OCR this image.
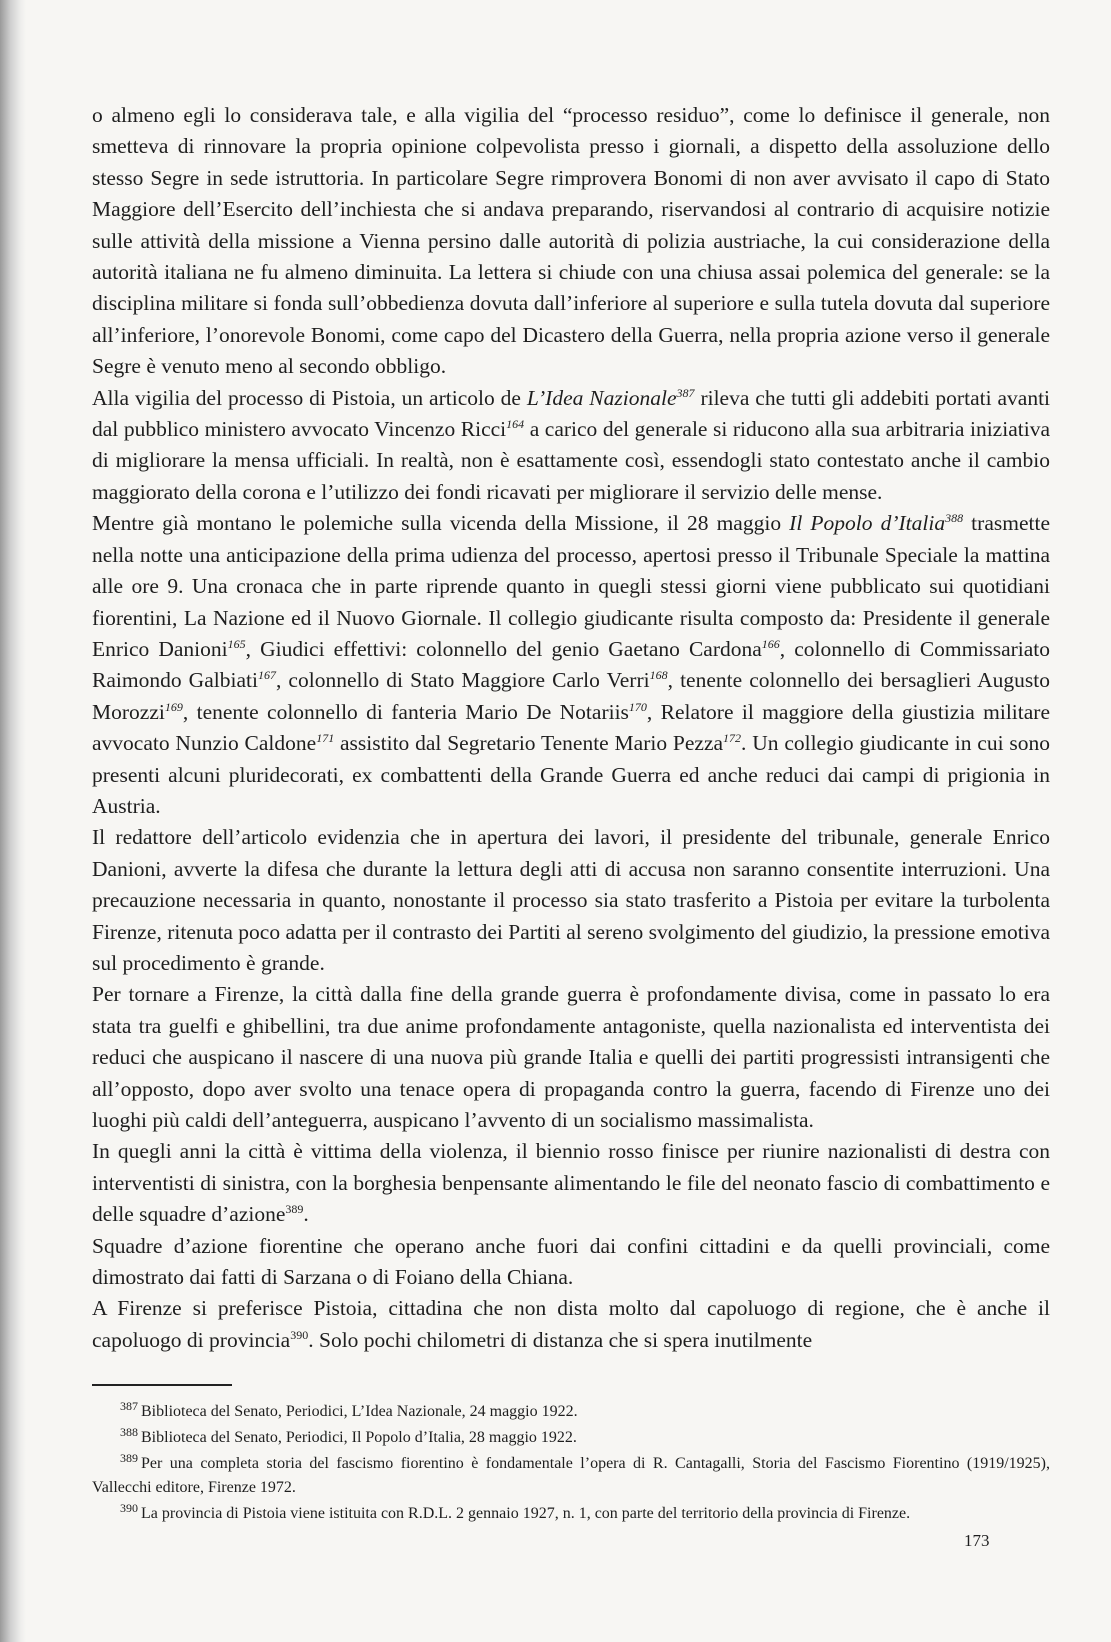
o almeno egli lo considerava tale, e alla vigilia del “processo residuo”, come lo definisce il generale, non smetteva di rinnovare la propria opinione colpevolista presso i giornali, a dispetto della assoluzione dello stesso Segre in sede istruttoria. In particolare Segre rimprovera Bonomi di non aver avvisato il capo di Stato Maggiore dell’Esercito dell’inchiesta che si andava preparando, riservandosi al contrario di acquisire notizie sulle attività della missione a Vienna persino dalle autorità di polizia austriache, la cui considerazione della autorità italiana ne fu almeno diminuita. La lettera si chiude con una chiusa assai polemica del generale: se la disciplina militare si fonda sull’obbedienza dovuta dall’inferiore al superiore e sulla tutela dovuta dal superiore all’inferiore, l’onorevole Bonomi, come capo del Dicastero della Guerra, nella propria azione verso il generale Segre è venuto meno al secondo obbligo.

Alla vigilia del processo di Pistoia, un articolo de L’Idea Nazionale$^{387}$ rileva che tutti gli addebiti portati avanti dal pubblico ministero avvocato Vincenzo Ricci$^{164}$ a carico del generale si riducono alla sua arbitraria iniziativa di migliorare la mensa ufficiali. In realtà, non è esattamente così, essendogli stato contestato anche il cambio maggiorato della corona e l’utilizzo dei fondi ricavati per migliorare il servizio delle mense.

Mentre già montano le polemiche sulla vicenda della Missione, il 28 maggio Il Popolo d’Italia$^{388}$ trasmette nella notte una anticipazione della prima udienza del processo, apertosi presso il Tribunale Speciale la mattina alle ore 9. Una cronaca che in parte riprende quanto in quegli stessi giorni viene pubblicato sui quotidiani fiorentini, La Nazione ed il Nuovo Giornale. Il collegio giudicante risulta composto da: Presidente il generale Enrico Danioni$^{165}$, Giudici effettivi: colonnello del genio Gaetano Cardona$^{166}$, colonnello di Commissariato Raimondo Galbiati$^{167}$, colonnello di Stato Maggiore Carlo Verri$^{168}$, tenente colonnello dei bersaglieri Augusto Morozzi$^{169}$, tenente colonnello di fanteria Mario De Notariis$^{170}$, Relatore il maggiore della giustizia militare avvocato Nunzio Caldone$^{171}$ assistito dal Segretario Tenente Mario Pezza$^{172}$. Un collegio giudicante in cui sono presenti alcuni pluridecorati, ex combattenti della Grande Guerra ed anche reduci dai campi di prigionia in Austria.

Il redattore dell’articolo evidenzia che in apertura dei lavori, il presidente del tribunale, generale Enrico Danioni, avverte la difesa che durante la lettura degli atti di accusa non saranno consentite interruzioni. Una precauzione necessaria in quanto, nonostante il processo sia stato trasferito a Pistoia per evitare la turbolenta Firenze, ritenuta poco adatta per il contrasto dei Partiti al sereno svolgimento del giudizio, la pressione emotiva sul procedimento è grande.

Per tornare a Firenze, la città dalla fine della grande guerra è profondamente divisa, come in passato lo era stata tra guelfi e ghibellini, tra due anime profondamente antagoniste, quella nazionalista ed interventista dei reduci che auspicano il nascere di una nuova più grande Italia e quelli dei partiti progressisti intransigenti che all’opposto, dopo aver svolto una tenace opera di propaganda contro la guerra, facendo di Firenze uno dei luoghi più caldi dell’anteguerra, auspicano l’avvento di un socialismo massimalista.

In quegli anni la città è vittima della violenza, il biennio rosso finisce per riunire nazionalisti di destra con interventisti di sinistra, con la borghesia benpensante alimentando le file del neonato fascio di combattimento e delle squadre d’azione$^{389}$.

Squadre d’azione fiorentine che operano anche fuori dai confini cittadini e da quelli provinciali, come dimostrato dai fatti di Sarzana o di Foiano della Chiana.

A Firenze si preferisce Pistoia, cittadina che non dista molto dal capoluogo di regione, che è anche il capoluogo di provincia$^{390}$. Solo pochi chilometri di distanza che si spera inutilmente

$^{387}$ Biblioteca del Senato, Periodici, L’Idea Nazionale, 24 maggio 1922.

$^{388}$ Biblioteca del Senato, Periodici, Il Popolo d’Italia, 28 maggio 1922.

$^{389}$ Per una completa storia del fascismo fiorentino è fondamentale l’opera di R. Cantagalli, Storia del Fascismo Fiorentino (1919/1925), Vallecchi editore, Firenze 1972.

$^{390}$ La provincia di Pistoia viene istituita con R.D.L. 2 gennaio 1927, n. 1, con parte del territorio della provincia di Firenze.

173
